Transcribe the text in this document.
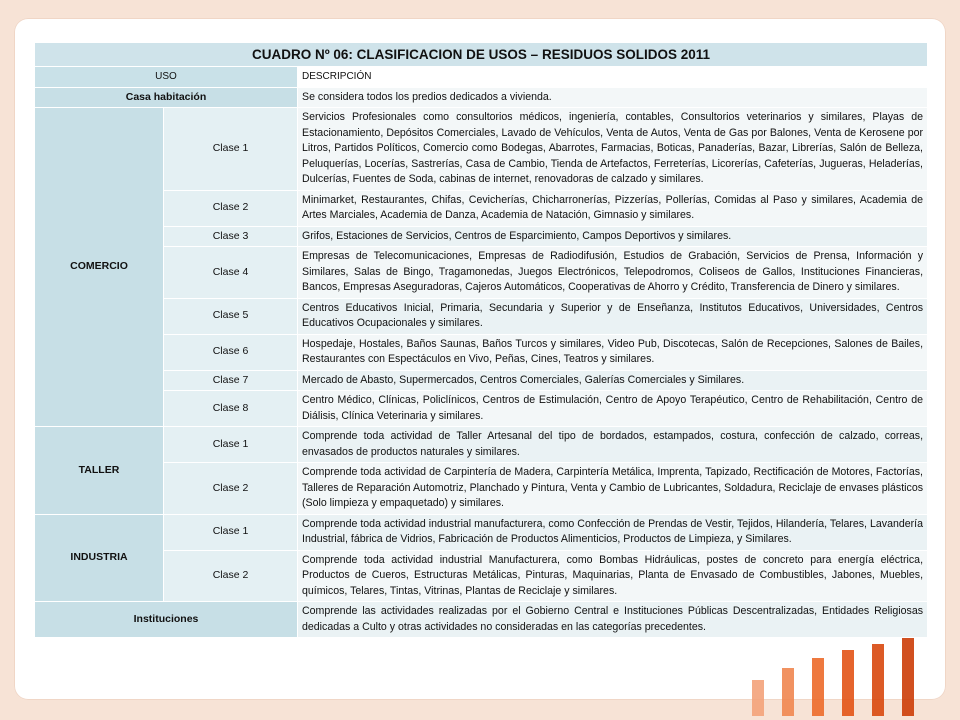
CUADRO Nº 06: CLASIFICACION DE USOS – RESIDUOS SOLIDOS 2011		
USO		DESCRIPCIÓN
Casa habitación		Se considera todos los predios dedicados a vivienda.
COMERCIO	Clase 1	Servicios Profesionales como consultorios médicos, ingeniería, contables, Consultorios veterinarios y similares, Playas de Estacionamiento, Depósitos Comerciales, Lavado de Vehículos, Venta de Autos, Venta de Gas por Balones, Venta de Kerosene por Litros, Partidos Políticos, Comercio como Bodegas, Abarrotes, Farmacias, Boticas, Panaderías, Bazar, Librerías, Salón de Belleza, Peluquerías, Locerías, Sastrerías, Casa de Cambio, Tienda de Artefactos, Ferreterías, Licorerías, Cafeterías, Jugueras, Heladerías, Dulcerías, Fuentes de Soda, cabinas de internet, renovadoras de calzado y similares.
	Clase 2	Minimarket, Restaurantes, Chifas, Cevicherías, Chicharronerías, Pizzerías, Pollerías, Comidas al Paso y similares, Academia de Artes Marciales, Academia de Danza, Academia de Natación, Gimnasio y similares.
	Clase 3	Grifos, Estaciones de Servicios, Centros de Esparcimiento, Campos Deportivos y similares.
	Clase 4	Empresas de Telecomunicaciones, Empresas de Radiodifusión, Estudios de Grabación, Servicios de Prensa, Información y Similares, Salas de Bingo, Tragamonedas, Juegos Electrónicos, Telepodromos, Coliseos de Gallos, Instituciones Financieras, Bancos, Empresas Aseguradoras, Cajeros Automáticos, Cooperativas de Ahorro y Crédito, Transferencia de Dinero y similares.
	Clase 5	Centros Educativos Inicial, Primaria, Secundaria y Superior y de Enseñanza, Institutos Educativos, Universidades, Centros Educativos Ocupacionales y similares.
	Clase 6	Hospedaje, Hostales, Baños Saunas, Baños Turcos y similares, Video Pub, Discotecas, Salón de Recepciones, Salones de Bailes, Restaurantes con Espectáculos en Vivo, Peñas, Cines, Teatros y similares.
	Clase 7	Mercado de Abasto, Supermercados, Centros Comerciales, Galerías Comerciales y Similares.
	Clase 8	Centro Médico, Clínicas, Policlínicos, Centros de Estimulación, Centro de Apoyo Terapéutico, Centro de Rehabilitación, Centro de Diálisis, Clínica Veterinaria y similares.
TALLER	Clase 1	Comprende toda actividad de Taller Artesanal del tipo de bordados, estampados, costura, confección de calzado, correas, envasados de productos naturales y similares.
	Clase 2	Comprende toda actividad de Carpintería de Madera, Carpintería Metálica, Imprenta, Tapizado, Rectificación de Motores, Factorías, Talleres de Reparación Automotriz, Planchado y Pintura, Venta y Cambio de Lubricantes, Soldadura, Reciclaje de envases plásticos (Solo limpieza y empaquetado) y similares.
INDUSTRIA	Clase 1	Comprende toda actividad industrial manufacturera, como Confección de Prendas de Vestir, Tejidos, Hilandería, Telares, Lavandería Industrial, fábrica de Vidrios, Fabricación de Productos Alimenticios, Productos de Limpieza, y Similares.
	Clase 2	Comprende toda actividad industrial Manufacturera, como Bombas Hidráulicas, postes de concreto para energía eléctrica, Productos de Cueros, Estructuras Metálicas, Pinturas, Maquinarias, Planta de Envasado de Combustibles, Jabones, Muebles, químicos, Telares, Tintas, Vitrinas, Plantas de Reciclaje y similares.
Instituciones		Comprende las actividades realizadas por el Gobierno Central e Instituciones Públicas Descentralizadas, Entidades Religiosas dedicadas a Culto y otras actividades no consideradas en las categorías precedentes.
